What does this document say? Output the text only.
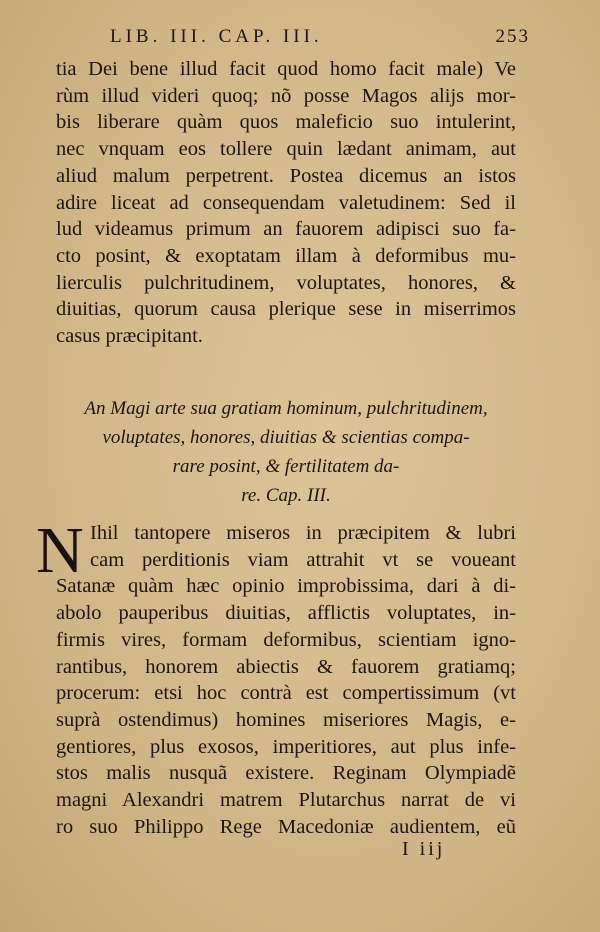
LIB. III. CAP. III.	253
tia Dei bene illud facit quod homo facit male) Ve
rùm illud videri quoq; nõ posse Magos alijs mor-
bis liberare quàm quos maleficio suo intulerint,
nec vnquam eos tollere quin lædant animam, aut
aliud malum perpetrent. Postea dicemus an istos
adire liceat ad consequendam valetudinem: Sed il
lud videamus primum an fauorem adipisci suo fa-
cto posint, & exoptatam illam à deformibus mu-
lierculis pulchritudinem, voluptates, honores, &
diuitias, quorum causa plerique sese in miserrimos
casus præcipitant.
An Magi arte sua gratiam hominum, pulchritudinem,
voluptates, honores, diuitias & scientias compa-
rare posint, & fertilitatem da-
re. Cap. III.
N Ihil tantopere miseros in præcipitem & lubri
cam perditionis viam attrahit vt se voueant
Satanæ quàm hæc opinio improbissima, dari à di-
abolo pauperibus diuitias, afflictis voluptates, in-
firmis vires, formam deformibus, scientiam igno-
rantibus, honorem abiectis & fauorem gratiamq;
procerum: etsi hoc contrà est compertissimum (vt
suprà ostendimus) homines miseriores Magis, e-
gentiores, plus exosos, imperitiores, aut plus infe-
stos malis nusquã existere. Reginam Olympiadẽ
magni Alexandri matrem Plutarchus narrat de vi
ro suo Philippo Rege Macedoniæ audientem, eũ
I iij
